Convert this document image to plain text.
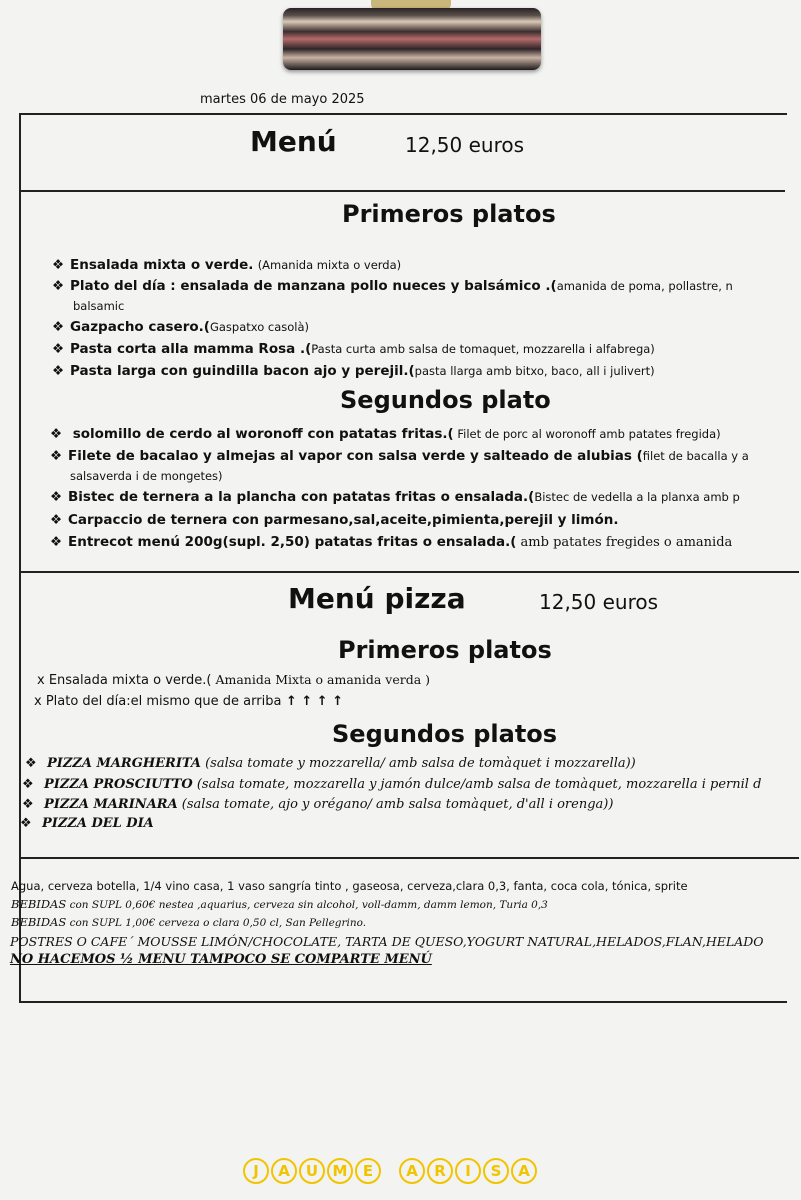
martes 06 de mayo 2025
Menú	12,50 euros
Primeros platos
❖ Ensalada mixta o verde. (Amanida mixta o verda)
❖ Plato del día : ensalada de manzana pollo nueces y balsámico .(amanida de poma, pollastre, n
balsamic
❖ Gazpacho casero.(Gaspatxo casolà)
❖ Pasta corta alla mamma Rosa .(Pasta curta amb salsa de tomaquet, mozzarella i alfabrega)
❖ Pasta larga con guindilla bacon ajo y perejil.(pasta llarga amb bitxo, baco, all i julivert)
Segundos plato
❖ solomillo de cerdo al woronoff con patatas fritas.( Filet de porc al woronoff amb patates fregida)
❖ Filete de bacalao y almejas al vapor con salsa verde y salteado de alubias (filet de bacalla y a
salsaverda i de mongetes)
❖ Bistec de ternera a la plancha con patatas fritas o ensalada.(Bistec de vedella a la planxa amb p
❖ Carpaccio de ternera con parmesano,sal,aceite,pimienta,perejil y limón.
❖ Entrecot menú 200g(supl. 2,50) patatas fritas o ensalada.( amb patates fregides o amanida
Menú pizza	12,50 euros
Primeros platos
x Ensalada mixta o verde.( Amanida Mixta o amanida verda )
x Plato del día:el mismo que de arriba ↑ ↑ ↑ ↑
Segundos platos
❖ PIZZA MARGHERITA (salsa tomate y mozzarella/ amb salsa de tomàquet i mozzarella))
❖ PIZZA PROSCIUTTO (salsa tomate, mozzarella y jamón dulce/amb salsa de tomàquet, mozzarella i pernil d
❖ PIZZA MARINARA (salsa tomate, ajo y orégano/ amb salsa tomàquet, d'all i orenga))
❖ PIZZA DEL DIA
Agua, cerveza botella, 1/4 vino casa, 1 vaso sangría tinto , gaseosa, cerveza,clara 0,3, fanta, coca cola, tónica, sprite
BEBIDAS con SUPL 0,60€ nestea ,aquarius, cerveza sin alcohol, voll-damm, damm lemon, Turia 0,3
BEBIDAS con SUPL 1,00€ cerveza o clara 0,50 cl, San Pellegrino.
POSTRES O CAFE´ MOUSSE LIMÓN/CHOCOLATE, TARTA DE QUESO,YOGURT NATURAL,HELADOS,FLAN,HELADO
NO HACEMOS ½ MENU TAMPOCO SE COMPARTE MENÚ
J	A	U M	E	A	R	I	S	A
